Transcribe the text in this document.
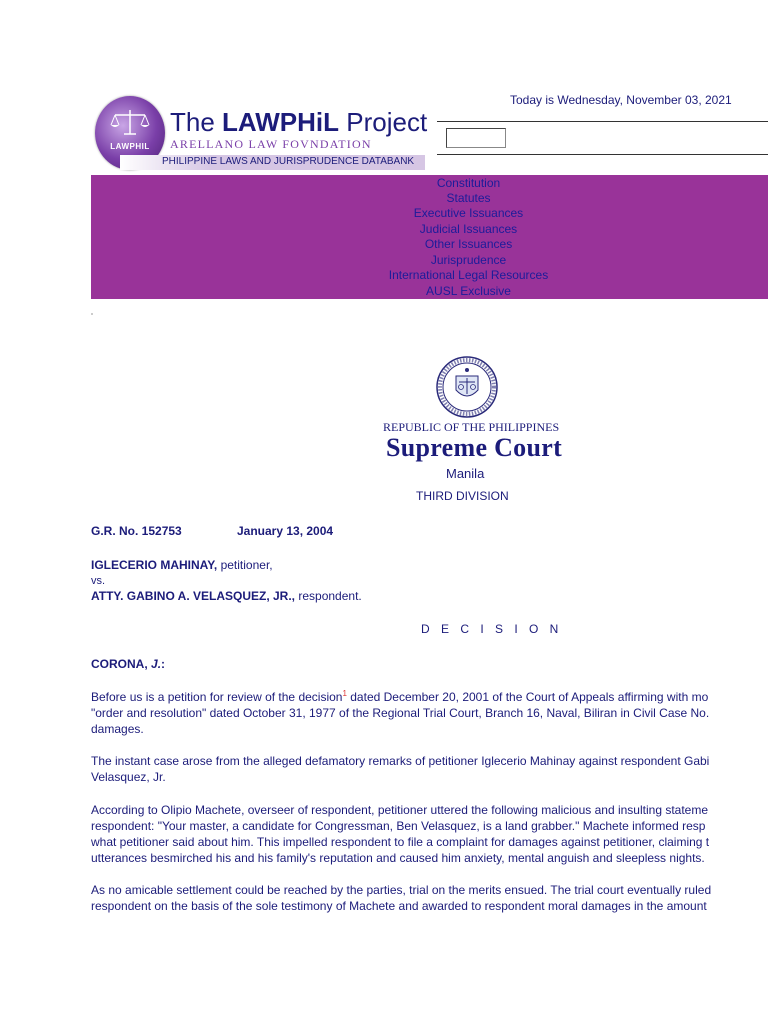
LAWPHIL
The LAWPHiL Project
ARELLANO LAW FOVNDATION
PHILIPPINE LAWS AND JURISPRUDENCE DATABANK
Today is Wednesday, November 03, 2021
Constitution
Statutes
Executive Issuances
Judicial Issuances
Other Issuances
Jurisprudence
International Legal Resources
AUSL Exclusive
REPUBLIC OF THE PHILIPPINES
Supreme Court
Manila
THIRD DIVISION
G.R. No. 152753	January 13, 2004
IGLECERIO MAHINAY, petitioner,
vs.
ATTY. GABINO A. VELASQUEZ, JR., respondent.
D E C I S I O N
CORONA, J.:
Before us is a petition for review of the decision$^1$ dated December 20, 2001 of the Court of Appeals affirming with mo
"order and resolution" dated October 31, 1977 of the Regional Trial Court, Branch 16, Naval, Biliran in Civil Case No.
damages.
The instant case arose from the alleged defamatory remarks of petitioner Iglecerio Mahinay against respondent Gabi
Velasquez, Jr.
According to Olipio Machete, overseer of respondent, petitioner uttered the following malicious and insulting stateme
respondent: "Your master, a candidate for Congressman, Ben Velasquez, is a land grabber." Machete informed resp
what petitioner said about him. This impelled respondent to file a complaint for damages against petitioner, claiming t
utterances besmirched his and his family's reputation and caused him anxiety, mental anguish and sleepless nights.
As no amicable settlement could be reached by the parties, trial on the merits ensued. The trial court eventually ruled
respondent on the basis of the sole testimony of Machete and awarded to respondent moral damages in the amount
